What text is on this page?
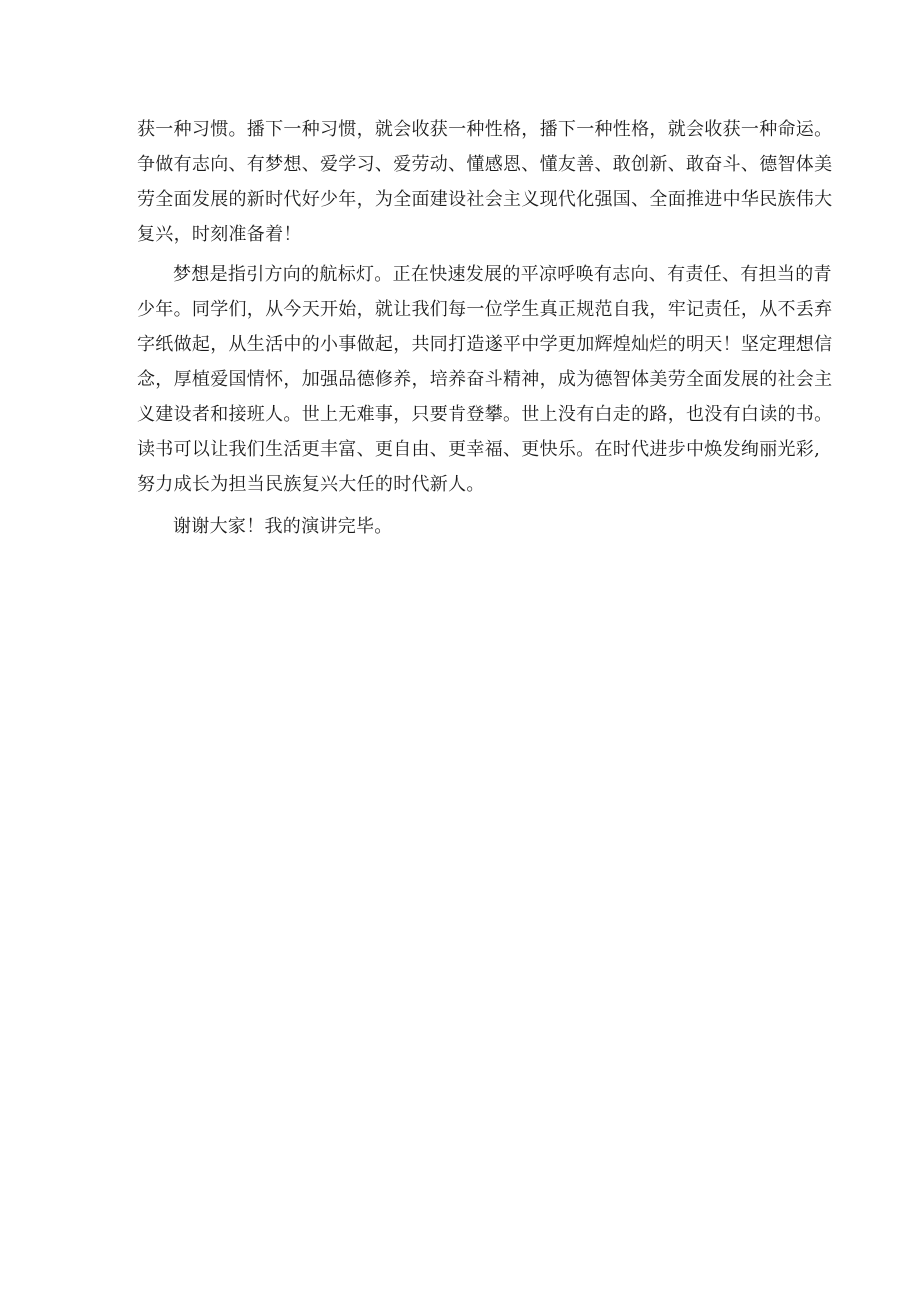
获一种习惯。播下一种习惯，就会收获一种性格，播下一种性格，就会收获一种命运。
争做有志向、有梦想、爱学习、爱劳动、懂感恩、懂友善、敢创新、敢奋斗、德智体美
劳全面发展的新时代好少年，为全面建设社会主义现代化强国、全面推进中华民族伟大
复兴，时刻准备着！
梦想是指引方向的航标灯。正在快速发展的平凉呼唤有志向、有责任、有担当的青
少年。同学们，从今天开始，就让我们每一位学生真正规范自我，牢记责任，从不丢弃
字纸做起，从生活中的小事做起，共同打造遂平中学更加辉煌灿烂的明天！坚定理想信
念，厚植爱国情怀，加强品德修养，培养奋斗精神，成为德智体美劳全面发展的社会主
义建设者和接班人。世上无难事，只要肯登攀。世上没有白走的路，也没有白读的书。
读书可以让我们生活更丰富、更自由、更幸福、更快乐。在时代进步中焕发绚丽光彩,
努力成长为担当民族复兴大任的时代新人。
谢谢大家！我的演讲完毕。
